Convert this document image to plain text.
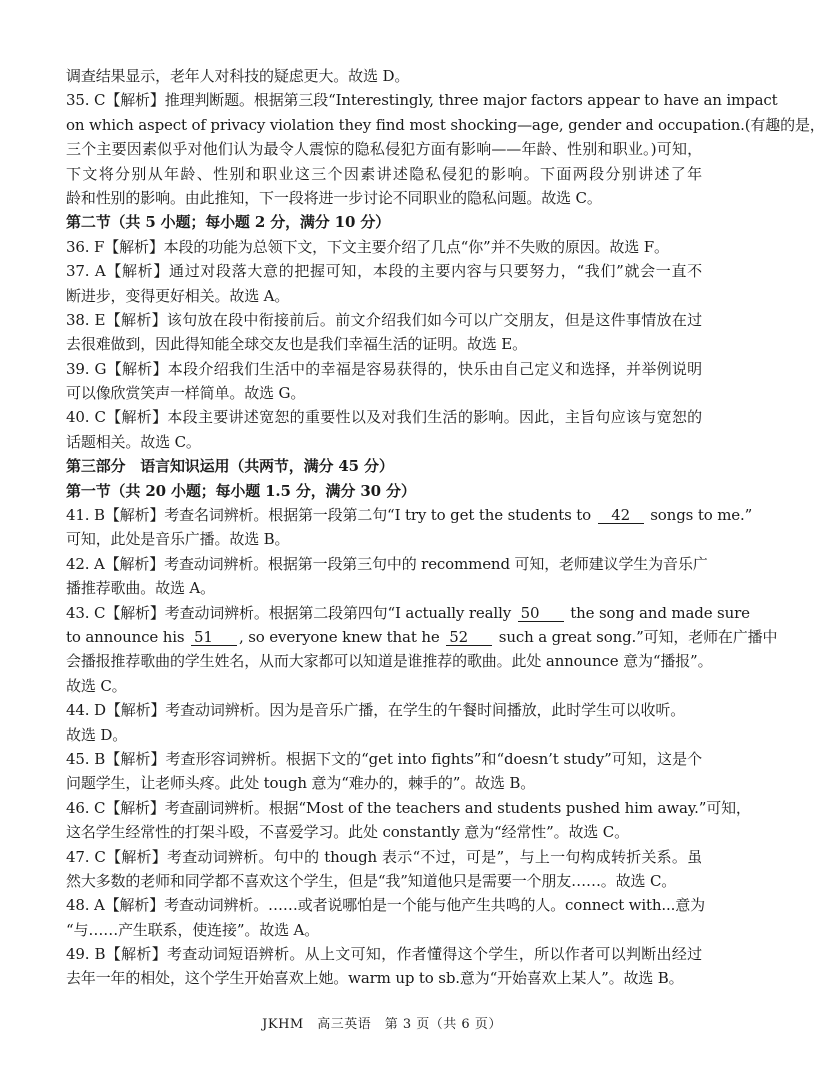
调查结果显示，老年人对科技的疑虑更大。故选 D。
35. C【解析】推理判断题。根据第三段“Interestingly, three major factors appear to have an impact
on which aspect of privacy violation they find most shocking—age, gender and occupation.(有趣的是，
三个主要因素似乎对他们认为最令人震惊的隐私侵犯方面有影响——年龄、性别和职业。)可知，
下文将分别从年龄、性别和职业这三个因素讲述隐私侵犯的影响。下面两段分别讲述了年
龄和性别的影响。由此推知，下一段将进一步讨论不同职业的隐私问题。故选 C。
第二节（共 5 小题；每小题 2 分，满分 10 分）
36. F【解析】本段的功能为总领下文，下文主要介绍了几点“你”并不失败的原因。故选 F。
37. A【解析】通过对段落大意的把握可知，本段的主要内容与只要努力，“我们”就会一直不
断进步，变得更好相关。故选 A。
38. E【解析】该句放在段中衔接前后。前文介绍我们如今可以广交朋友，但是这件事情放在过
去很难做到，因此得知能全球交友也是我们幸福生活的证明。故选 E。
39. G【解析】本段介绍我们生活中的幸福是容易获得的，快乐由自己定义和选择，并举例说明
可以像欣赏笑声一样简单。故选 G。
40. C【解析】本段主要讲述宽恕的重要性以及对我们生活的影响。因此，主旨句应该与宽恕的
话题相关。故选 C。
第三部分　语言知识运用（共两节，满分 45 分）
第一节（共 20 小题；每小题 1.5 分，满分 30 分）
41. B【解析】考查名词辨析。根据第一段第二句“I try to get the students to 42 songs to me.”
可知，此处是音乐广播。故选 B。
42. A【解析】考查动词辨析。根据第一段第三句中的 recommend 可知，老师建议学生为音乐广
播推荐歌曲。故选 A。
43. C【解析】考查动词辨析。根据第二段第四句“I actually really 50 the song and made sure
to announce his 51 , so everyone knew that he 52 such a great song.”可知，老师在广播中
会播报推荐歌曲的学生姓名，从而大家都可以知道是谁推荐的歌曲。此处 announce 意为“播报”。
故选 C。
44. D【解析】考查动词辨析。因为是音乐广播，在学生的午餐时间播放，此时学生可以收听。
故选 D。
45. B【解析】考查形容词辨析。根据下文的“get into fights”和“doesn’t study”可知，这是个
问题学生，让老师头疼。此处 tough 意为“难办的，棘手的”。故选 B。
46. C【解析】考查副词辨析。根据“Most of the teachers and students pushed him away.”可知，
这名学生经常性的打架斗殴，不喜爱学习。此处 constantly 意为“经常性”。故选 C。
47. C【解析】考查动词辨析。句中的 though 表示“不过，可是”，与上一句构成转折关系。虽
然大多数的老师和同学都不喜欢这个学生，但是“我”知道他只是需要一个朋友……。故选 C。
48. A【解析】考查动词辨析。……或者说哪怕是一个能与他产生共鸣的人。connect with...意为
“与……产生联系，使连接”。故选 A。
49. B【解析】考查动词短语辨析。从上文可知，作者懂得这个学生，所以作者可以判断出经过
去年一年的相处，这个学生开始喜欢上她。warm up to sb.意为“开始喜欢上某人”。故选 B。
JKHM　高三英语　第 3 页（共 6 页）
